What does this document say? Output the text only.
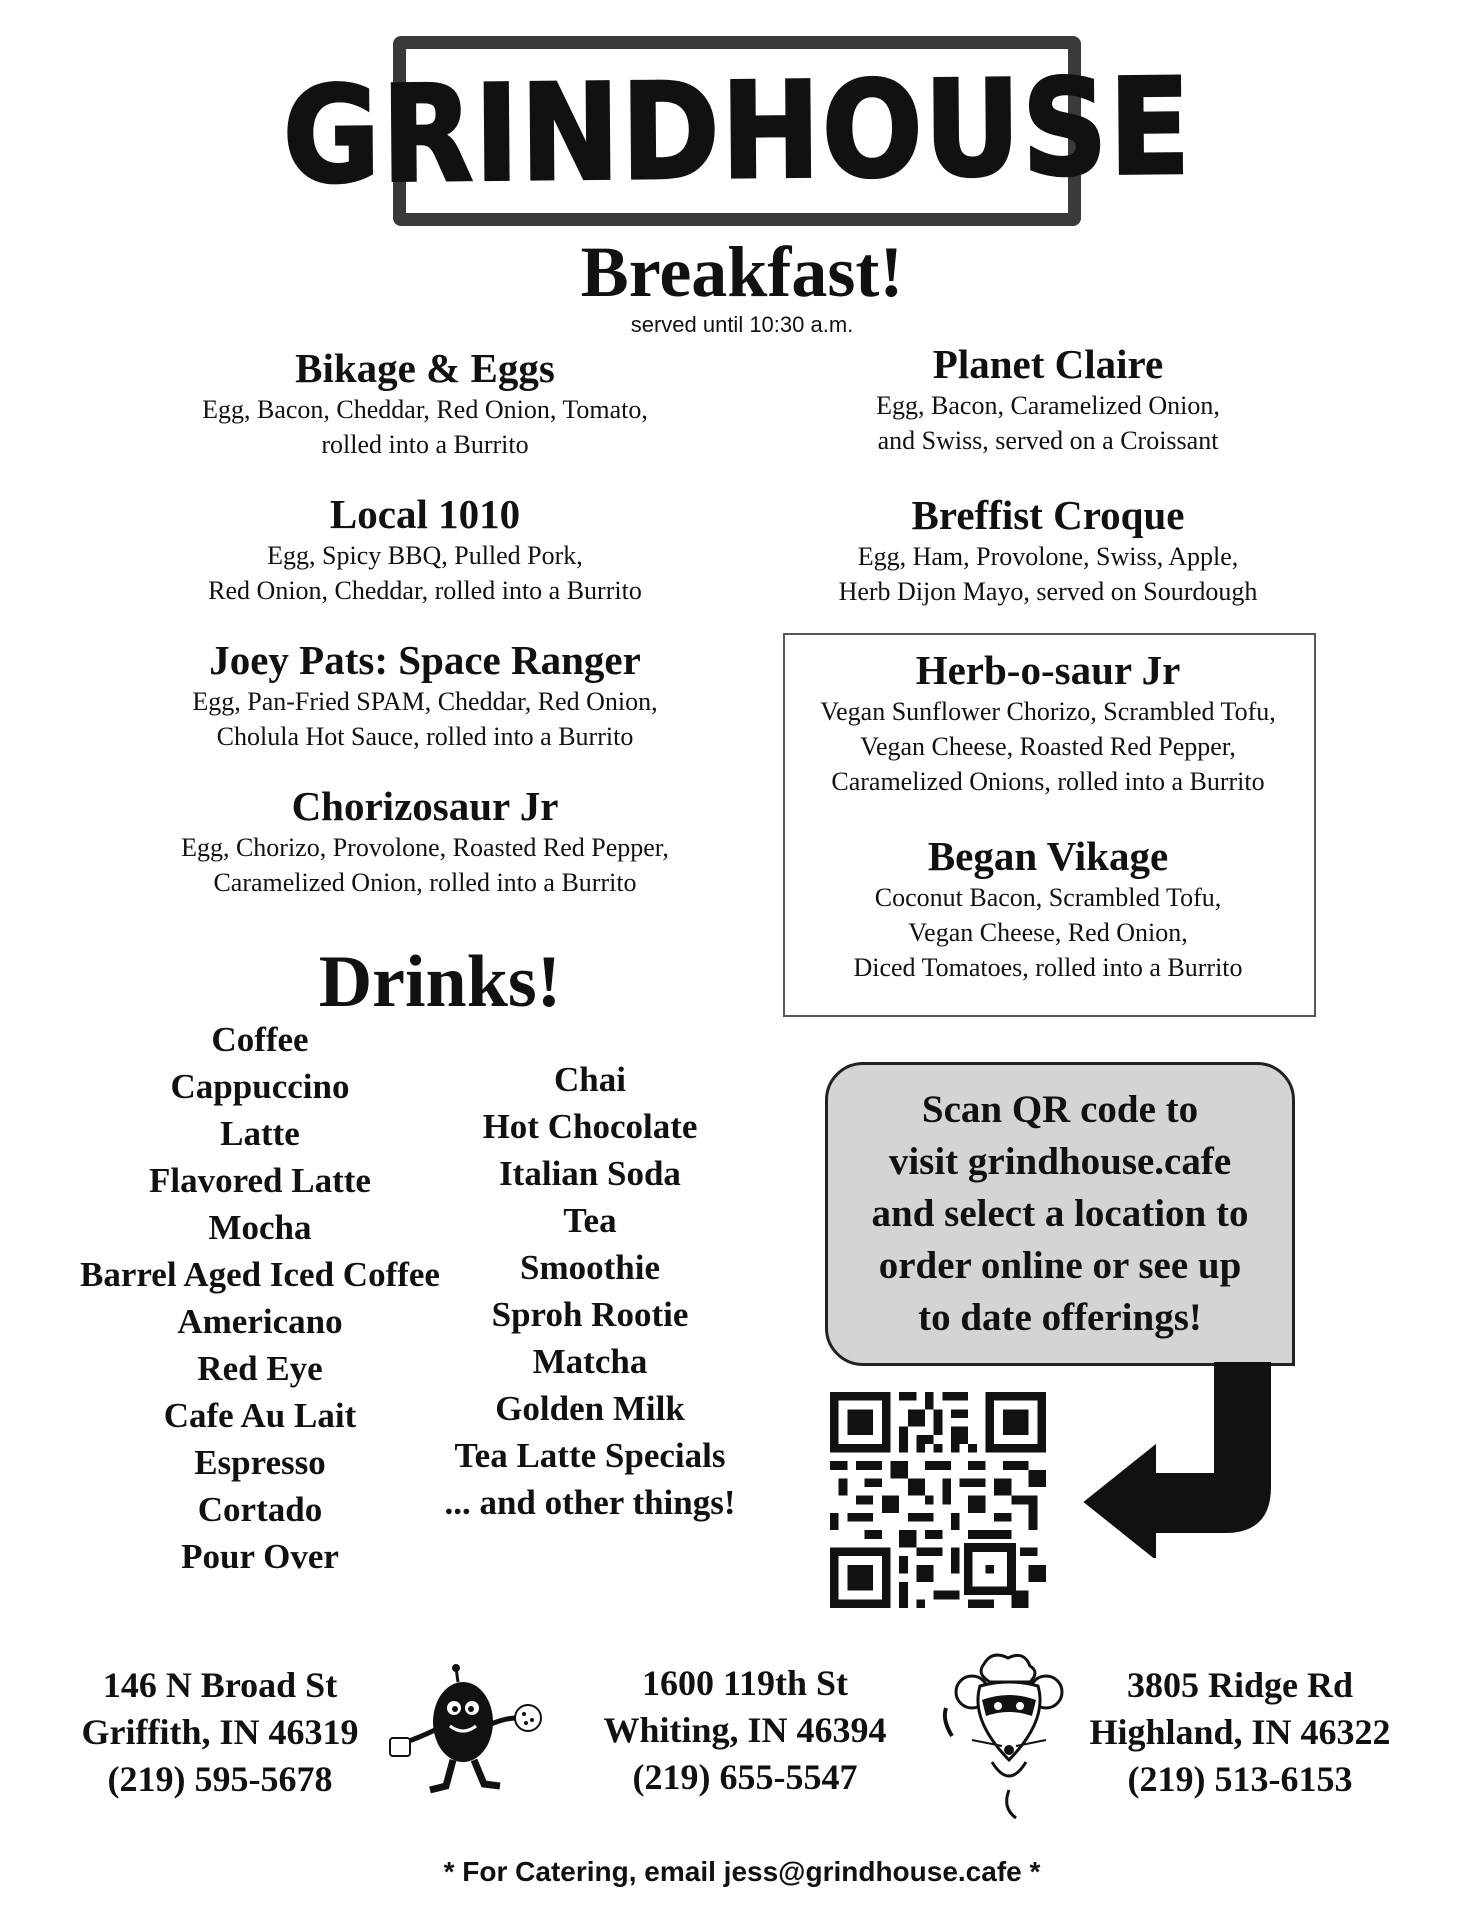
GRINDHOUSE
Breakfast!
served until 10:30 a.m.
Bikage & Eggs
Egg, Bacon, Cheddar, Red Onion, Tomato,
rolled into a Burrito
Local 1010
Egg, Spicy BBQ, Pulled Pork,
Red Onion, Cheddar, rolled into a Burrito
Joey Pats: Space Ranger
Egg, Pan-Fried SPAM, Cheddar, Red Onion,
Cholula Hot Sauce, rolled into a Burrito
Chorizosaur Jr
Egg, Chorizo, Provolone, Roasted Red Pepper,
Caramelized Onion, rolled into a Burrito
Planet Claire
Egg, Bacon, Caramelized Onion,
and Swiss, served on a Croissant
Breffist Croque
Egg, Ham, Provolone, Swiss, Apple,
Herb Dijon Mayo, served on Sourdough
Herb-o-saur Jr
Vegan Sunflower Chorizo, Scrambled Tofu,
Vegan Cheese, Roasted Red Pepper,
Caramelized Onions, rolled into a Burrito
Began Vikage
Coconut Bacon, Scrambled Tofu,
Vegan Cheese, Red Onion,
Diced Tomatoes, rolled into a Burrito
Drinks!
Coffee
Cappuccino
Latte
Flavored Latte
Mocha
Barrel Aged Iced Coffee
Americano
Red Eye
Cafe Au Lait
Espresso
Cortado
Pour Over
Chai
Hot Chocolate
Italian Soda
Tea
Smoothie
Sproh Rootie
Matcha
Golden Milk
Tea Latte Specials
... and other things!
Scan QR code to
visit grindhouse.cafe
and select a location to
order online or see up
to date offerings!
146 N Broad St
Griffith, IN 46319
(219) 595-5678
1600 119th St
Whiting, IN 46394
(219) 655-5547
3805 Ridge Rd
Highland, IN 46322
(219) 513-6153
* For Catering, email jess@grindhouse.cafe *
